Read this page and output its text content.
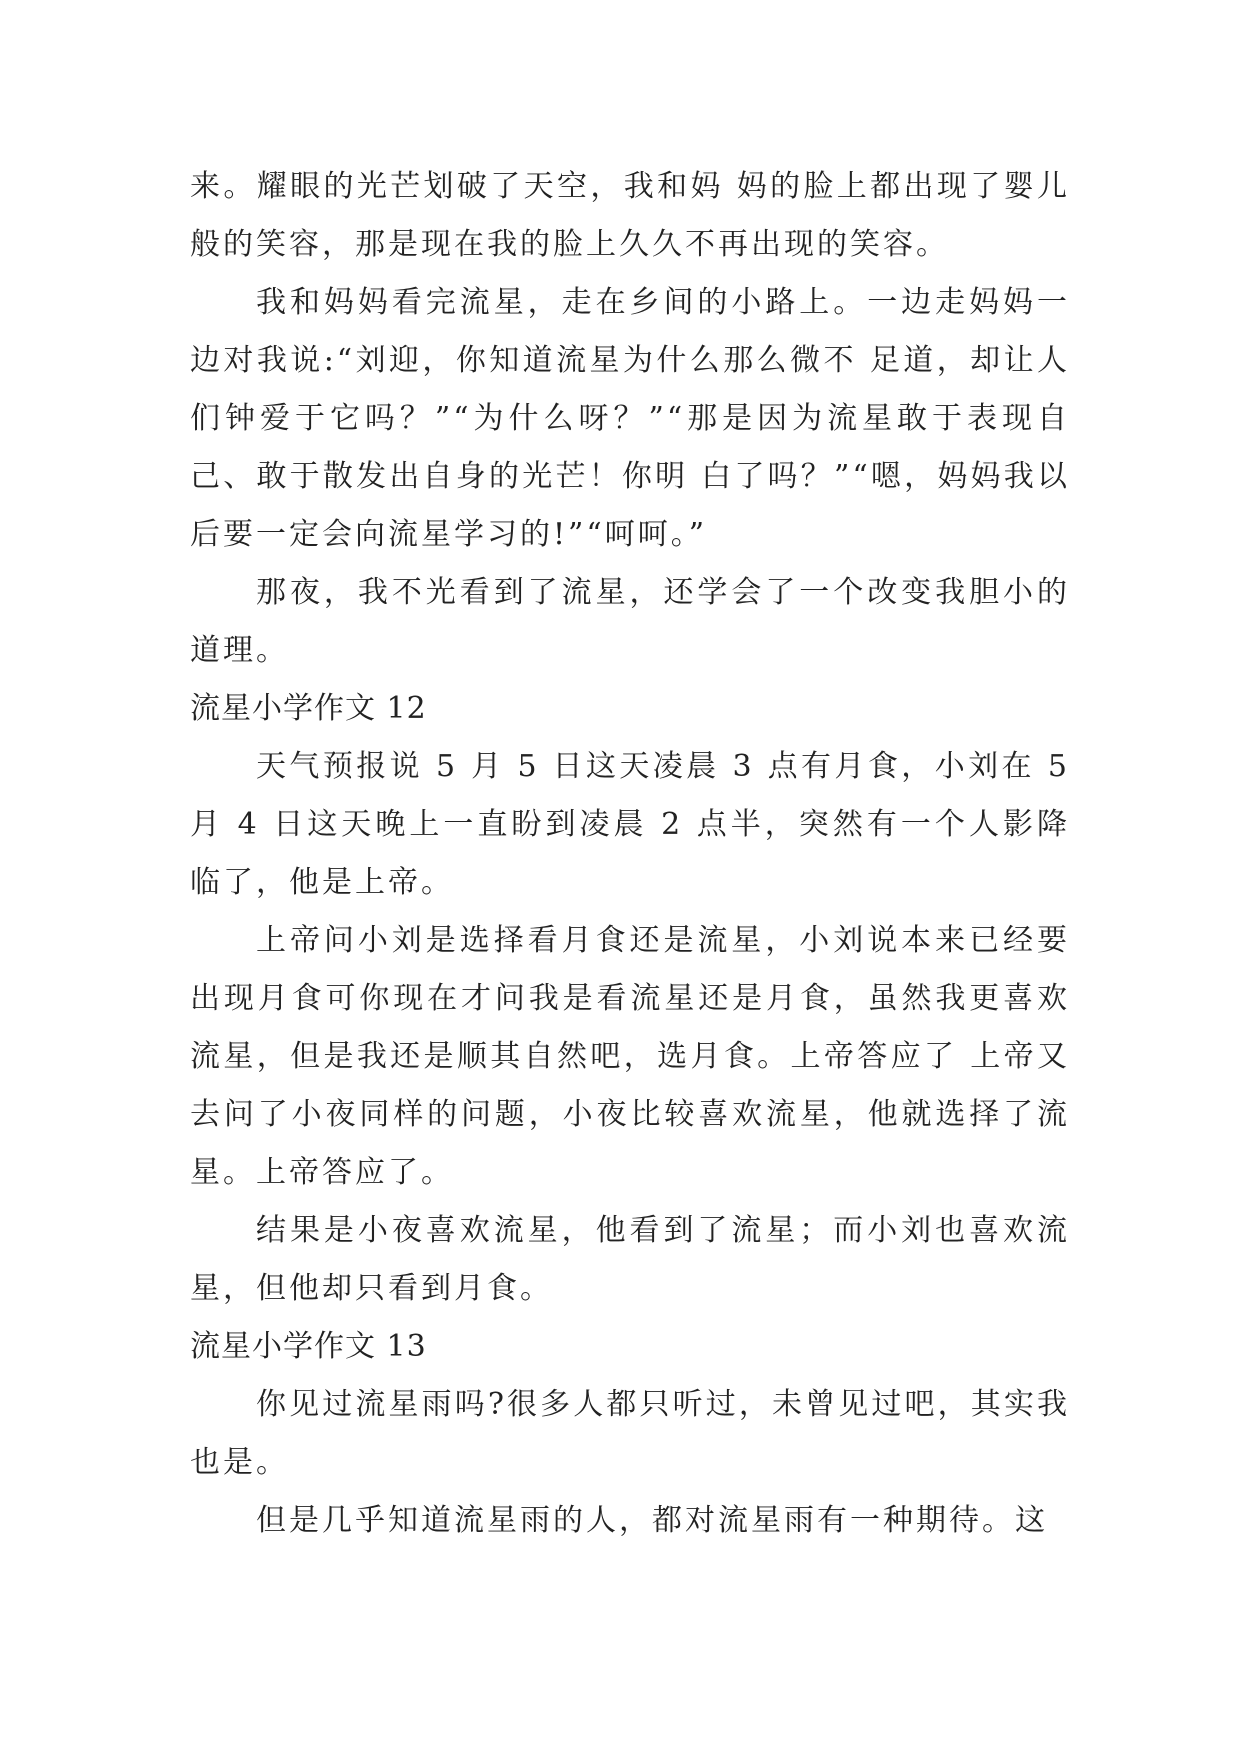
来。耀眼的光芒划破了天空，我和妈 妈的脸上都出现了婴儿般的笑容，那是现在我的脸上久久不再出现的笑容。

我和妈妈看完流星，走在乡间的小路上。一边走妈妈一边对我说:“刘迎，你知道流星为什么那么微不 足道，却让人们钟爱于它吗？”“为什么呀？”“那是因为流星敢于表现自己、敢于散发出自身的光芒！你明 白了吗？”“嗯，妈妈我以后要一定会向流星学习的!”“呵呵。”

那夜，我不光看到了流星，还学会了一个改变我胆小的道理。

流星小学作文 12

天气预报说 5 月 5 日这天凌晨 3 点有月食，小刘在 5 月 4 日这天晚上一直盼到凌晨 2 点半，突然有一个人影降临了，他是上帝。

上帝问小刘是选择看月食还是流星，小刘说本来已经要出现月食可你现在才问我是看流星还是月食，虽然我更喜欢流星，但是我还是顺其自然吧，选月食。上帝答应了 上帝又去问了小夜同样的问题，小夜比较喜欢流星，他就选择了流星。上帝答应了。

结果是小夜喜欢流星，他看到了流星；而小刘也喜欢流星，但他却只看到月食。

流星小学作文 13

你见过流星雨吗?很多人都只听过，未曾见过吧，其实我也是。

但是几乎知道流星雨的人，都对流星雨有一种期待。这
